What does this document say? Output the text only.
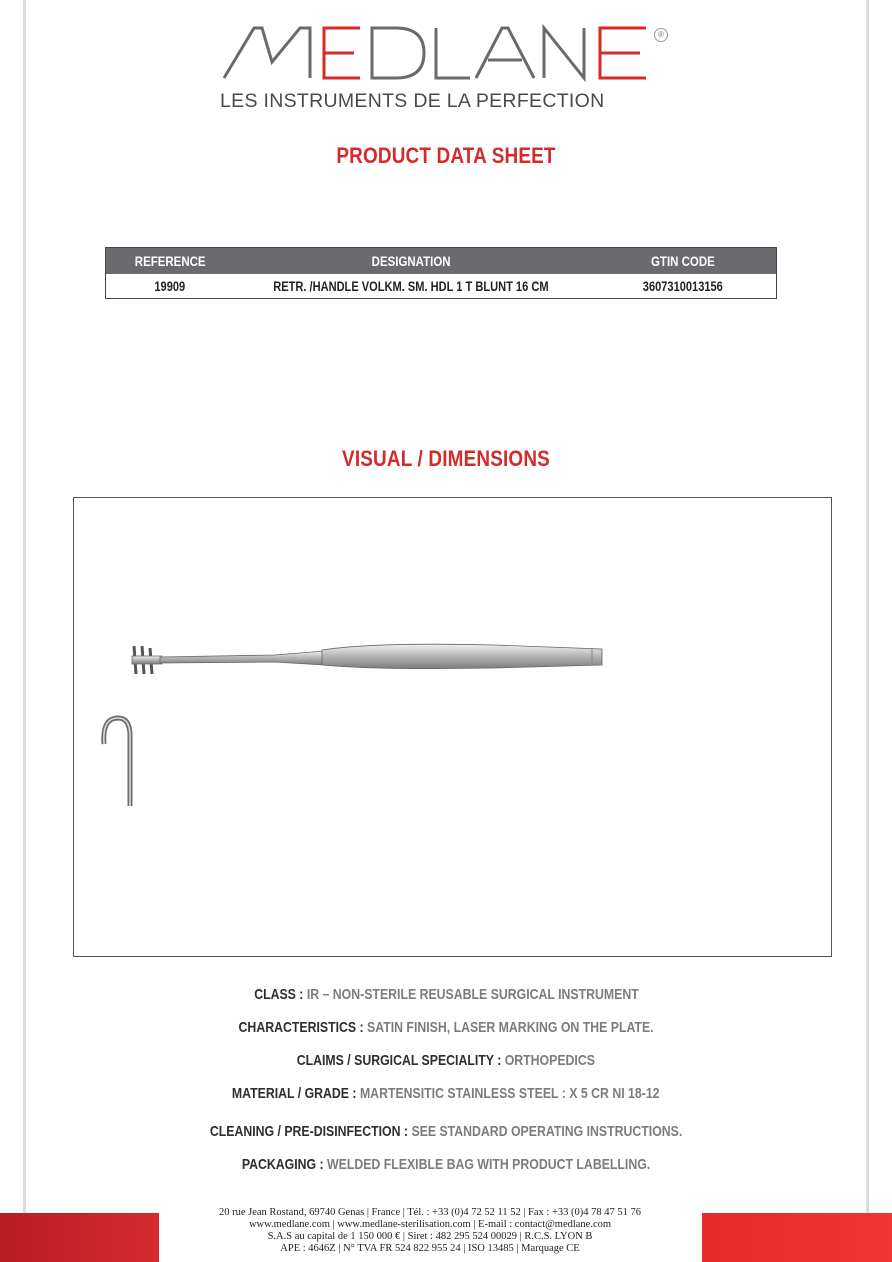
®
LES INSTRUMENTS DE LA PERFECTION
PRODUCT DATA SHEET
REFERENCE	DESIGNATION	GTIN CODE
19909	RETR. /HANDLE VOLKM. SM. HDL 1 T BLUNT 16 CM	3607310013156
VISUAL / DIMENSIONS
CLASS : IR – NON-STERILE REUSABLE SURGICAL INSTRUMENT
CHARACTERISTICS : SATIN FINISH, LASER MARKING ON THE PLATE.
CLAIMS / SURGICAL SPECIALITY : ORTHOPEDICS
MATERIAL / GRADE : MARTENSITIC STAINLESS STEEL : X 5 CR NI 18-12
CLEANING / PRE-DISINFECTION : SEE STANDARD OPERATING INSTRUCTIONS.
PACKAGING : WELDED FLEXIBLE BAG WITH PRODUCT LABELLING.
20 rue Jean Rostand, 69740 Genas | France | Tél. : +33 (0)4 72 52 11 52 | Fax : +33 (0)4 78 47 51 76
www.medlane.com | www.medlane-sterilisation.com | E-mail : contact@medlane.com
S.A.S au capital de 1 150 000 € | Siret : 482 295 524 00029 | R.C.S. LYON B
APE : 4646Z | N° TVA FR 524 822 955 24 | ISO 13485 | Marquage CE
